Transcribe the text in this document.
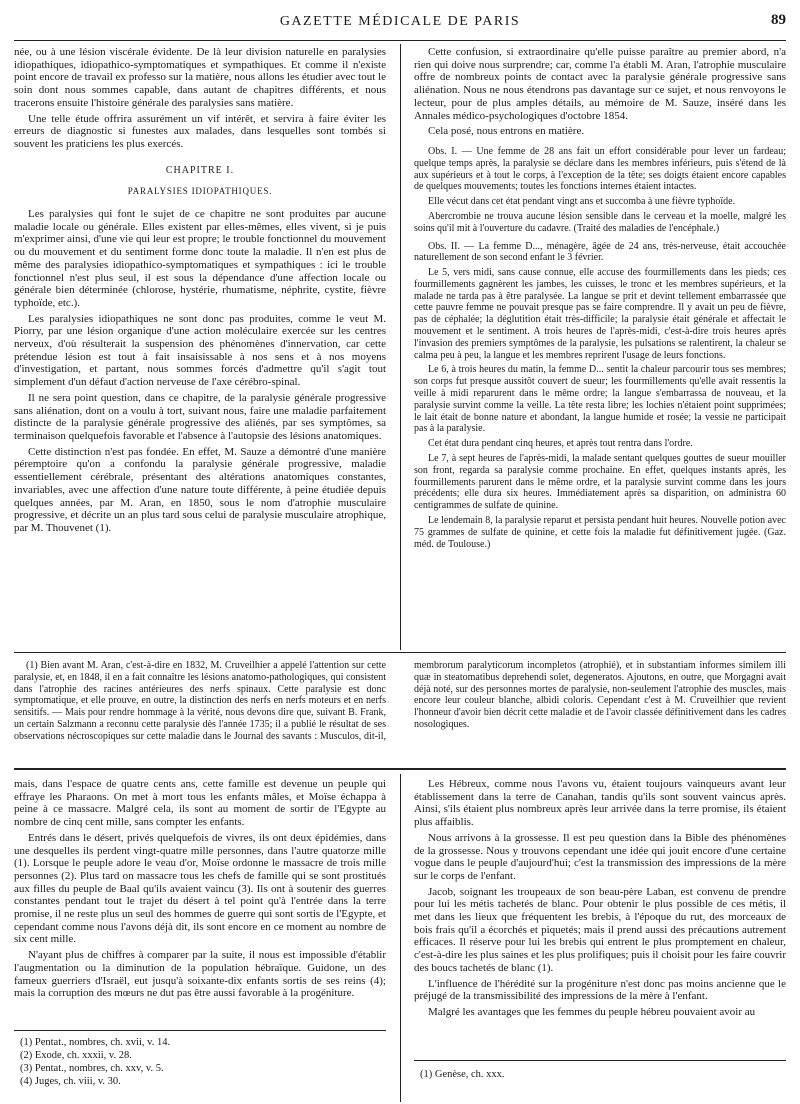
GAZETTE MÉDICALE DE PARIS	89

née, ou à une lésion viscérale évidente. De là leur division naturelle en paralysies idiopathiques, idiopathico-symptomatiques et sympathiques. Et comme il n'existe point encore de travail ex professo sur la matière, nous allons les étudier avec tout le soin dont nous sommes capable, dans autant de chapitres différents, et nous tracerons ensuite l'histoire générale des paralysies sans matière.

Une telle étude offrira assurément un vif intérêt, et servira à faire éviter les erreurs de diagnostic si funestes aux malades, dans lesquelles sont tombés si souvent les praticiens les plus exercés.

CHAPITRE I.

PARALYSIES IDIOPATHIQUES.

Les paralysies qui font le sujet de ce chapitre ne sont produites par aucune maladie locale ou générale. Elles existent par elles-mêmes, elles vivent, si je puis m'exprimer ainsi, d'une vie qui leur est propre; le trouble fonctionnel du mouvement ou du mouvement et du sentiment forme donc toute la maladie. Il n'en est plus de même des paralysies idiopathico-symptomatiques et sympathiques : ici le trouble fonctionnel n'est plus seul, il est sous la dépendance d'une affection locale ou générale bien déterminée (chlorose, hystérie, rhumatisme, néphrite, cystite, fièvre typhoïde, etc.).

Les paralysies idiopathiques ne sont donc pas produites, comme le veut M. Piorry, par une lésion organique d'une action moléculaire exercée sur les centres nerveux, d'où résulterait la suspension des phénomènes d'innervation, car cette prétendue lésion est tout à fait insaisissable à nos sens et à nos moyens d'investigation, et partant, nous sommes forcés d'admettre qu'il s'agit tout simplement d'un défaut d'action nerveuse de l'axe cérébro-spinal.

Il ne sera point question, dans ce chapitre, de la paralysie générale progressive sans aliénation, dont on a voulu à tort, suivant nous, faire une maladie parfaitement distincte de la paralysie générale progressive des aliénés, par ses symptômes, sa terminaison quelquefois favorable et l'absence à l'autopsie des lésions anatomiques.

Cette distinction n'est pas fondée. En effet, M. Sauze a démontré d'une manière péremptoire qu'on a confondu la paralysie générale progressive, maladie essentiellement cérébrale, présentant des altérations anatomiques constantes, invariables, avec une affection d'une nature toute différente, à peine étudiée depuis quelques années, par M. Aran, en 1850, sous le nom d'atrophie musculaire progressive, et décrite un an plus tard sous celui de paralysie musculaire atrophique, par M. Thouvenet (1).

Cette confusion, si extraordinaire qu'elle puisse paraître au premier abord, n'a rien qui doive nous surprendre; car, comme l'a établi M. Aran, l'atrophie musculaire offre de nombreux points de contact avec la paralysie générale progressive sans aliénation. Nous ne nous étendrons pas davantage sur ce sujet, et nous renvoyons le lecteur, pour de plus amples détails, au mémoire de M. Sauze, inséré dans les Annales médico-psychologiques d'octobre 1854.

Cela posé, nous entrons en matière.

Obs. I. — Une femme de 28 ans fait un effort considérable pour lever un fardeau; quelque temps après, la paralysie se déclare dans les membres inférieurs, puis s'étend de là aux supérieurs et à tout le corps, à l'exception de la tête; ses doigts étaient encore capables de quelques mouvements; toutes les fonctions internes étaient intactes.

Elle vécut dans cet état pendant vingt ans et succomba à une fièvre typhoïde.

Abercrombie ne trouva aucune lésion sensible dans le cerveau et la moelle, malgré les soins qu'il mit à l'ouverture du cadavre. (Traité des maladies de l'encéphale.)

Obs. II. — La femme D..., ménagère, âgée de 24 ans, très-nerveuse, était accouchée naturellement de son second enfant le 3 février.

Le 5, vers midi, sans cause connue, elle accuse des fourmillements dans les pieds; ces fourmillements gagnèrent les jambes, les cuisses, le tronc et les membres supérieurs, et la malade ne tarda pas à être paralysée. La langue se prit et devint tellement embarrassée que cette pauvre femme ne pouvait presque pas se faire comprendre. Il y avait un peu de fièvre, pas de céphalée; la déglutition était très-difficile; la paralysie était générale et affectait le mouvement et le sentiment. A trois heures de l'après-midi, c'est-à-dire trois heures après l'invasion des premiers symptômes de la paralysie, les pulsations se ralentirent, la chaleur se calma peu à peu, la langue et les membres reprirent l'usage de leurs fonctions.

Le 6, à trois heures du matin, la femme D... sentit la chaleur parcourir tous ses membres; son corps fut presque aussitôt couvert de sueur; les fourmillements qu'elle avait ressentis la veille à midi reparurent dans le même ordre; la langue s'embarrassa de nouveau, et la paralysie survint comme la veille. La tête resta libre; les lochies n'étaient point supprimées; le lait était de bonne nature et abondant, la langue humide et rosée; la vessie ne participait pas à la paralysie.

Cet état dura pendant cinq heures, et après tout rentra dans l'ordre.

Le 7, à sept heures de l'après-midi, la malade sentant quelques gouttes de sueur mouiller son front, regarda sa paralysie comme prochaine. En effet, quelques instants après, les fourmillements parurent dans le même ordre, et la paralysie survint comme dans les jours précédents; elle dura six heures. Immédiatement après sa disparition, on administra 60 centigrammes de sulfate de quinine.

Le lendemain 8, la paralysie reparut et persista pendant huit heures. Nouvelle potion avec 75 grammes de sulfate de quinine, et cette fois la maladie fut définitivement jugée. (Gaz. méd. de Toulouse.)

(1) Bien avant M. Aran, c'est-à-dire en 1832, M. Cruveilhier a appelé l'attention sur cette paralysie, et, en 1848, il en a fait connaître les lésions anatomo-pathologiques, qui consistent dans l'atrophie des racines antérieures des nerfs spinaux. Cette paralysie est donc symptomatique, et elle prouve, en outre, la distinction des nerfs en nerfs moteurs et en nerfs sensitifs. — Mais pour rendre hommage à la vérité, nous devons dire que, suivant B. Frank, un certain Salzmann a reconnu cette paralysie dès l'année 1735; il a publié le résultat de ses observations nécroscopiques sur cette maladie dans le Journal des savants : Musculos, dit-il, membrorum paralyticorum incompletos (atrophié), et in substantiam informes similem illi quæ in steatomatibus deprehendi solet, degeneratos. Ajoutons, en outre, que Morgagni avait déjà noté, sur des personnes mortes de paralysie, non-seulement l'atrophie des muscles, mais encore leur couleur blanche, albidi coloris. Cependant c'est à M. Cruveilhier que revient l'honneur d'avoir bien décrit cette maladie et de l'avoir classée définitivement dans les cadres nosologiques.

mais, dans l'espace de quatre cents ans, cette famille est devenue un peuple qui effraye les Pharaons. On met à mort tous les enfants mâles, et Moïse échappa à peine à ce massacre. Malgré cela, ils sont au moment de sortir de l'Egypte au nombre de cinq cent mille, sans compter les enfants.

Entrés dans le désert, privés quelquefois de vivres, ils ont deux épidémies, dans une desquelles ils perdent vingt-quatre mille personnes, dans l'autre quatorze mille (1). Lorsque le peuple adore le veau d'or, Moïse ordonne le massacre de trois mille personnes (2). Plus tard on massacre tous les chefs de famille qui se sont prostitués aux filles du peuple de Baal qu'ils avaient vaincu (3). Ils ont à soutenir des guerres constantes pendant tout le trajet du désert à tel point qu'à l'entrée dans la terre promise, il ne reste plus un seul des hommes de guerre qui sont sortis de l'Egypte, et cependant comme nous l'avons déjà dit, ils sont encore en ce moment au nombre de six cent mille.

N'ayant plus de chiffres à comparer par la suite, il nous est impossible d'établir l'augmentation ou la diminution de la population hébraïque. Guidone, un des fameux guerriers d'Israël, eut jusqu'à soixante-dix enfants sortis de ses reins (4); mais la corruption des mœurs ne dut pas être aussi favorable à la progéniture.

Les Hébreux, comme nous l'avons vu, étaient toujours vainqueurs avant leur établissement dans la terre de Canahan, tandis qu'ils sont souvent vaincus après. Ainsi, s'ils étaient plus nombreux après leur arrivée dans la terre promise, ils étaient plus affaiblis.

Nous arrivons à la grossesse. Il est peu question dans la Bible des phénomènes de la grossesse. Nous y trouvons cependant une idée qui jouit encore d'une certaine vogue dans le peuple d'aujourd'hui; c'est la transmission des impressions de la mère sur le corps de l'enfant.

Jacob, soignant les troupeaux de son beau-père Laban, est convenu de prendre pour lui les métis tachetés de blanc. Pour obtenir le plus possible de ces métis, il met dans les lieux que fréquentent les brebis, à l'époque du rut, des morceaux de bois frais qu'il a écorchés et piquetés; mais il prend aussi des précautions autrement efficaces. Il réserve pour lui les brebis qui entrent le plus promptement en chaleur, c'est-à-dire les plus saines et les plus prolifiques; puis il choisit pour les faire couvrir des boucs tachetés de blanc (1).

L'influence de l'hérédité sur la progéniture n'est donc pas moins ancienne que le préjugé de la transmissibilité des impressions de la mère à l'enfant.

Malgré les avantages que les femmes du peuple hébreu pouvaient avoir au

(1) Pentat., nombres, ch. xvii, v. 14.
(2) Exode, ch. xxxii, v. 28.
(3) Pentat., nombres, ch. xxv, v. 5.
(4) Juges, ch. viii, v. 30.
(1) Genèse, ch. xxx.
